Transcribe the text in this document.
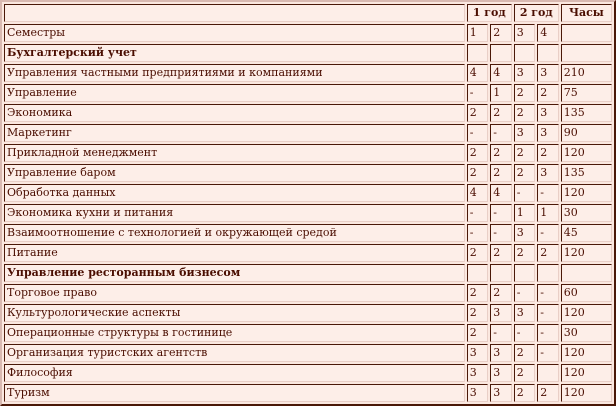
	1 год		2 год		Часы
Семестры	1	2	3	4	
Бухгалтерский учет					
Управления частными предприятиями и компаниями	4	4	3	3	210
Управление	-	1	2	2	75
Экономика	2	2	2	3	135
Маркетинг	-	-	3	3	90
Прикладной менеджмент	2	2	2	2	120
Управление баром	2	2	2	3	135
Обработка данных	4	4	-	-	120
Экономика кухни и питания	-	-	1	1	30
Взаимоотношение с технологией и окружающей средой	-	-	3	-	45
Питание	2	2	2	2	120
Управление ресторанным бизнесом					
Торговое право	2	2	-	-	60
Культурологические аспекты	2	3	3	-	120
Операционные структуры в гостинице	2	-	-	-	30
Организация туристских агентств	3	3	2	-	120
Философия	3	3	2		120
Туризм	3	3	2	2	120
